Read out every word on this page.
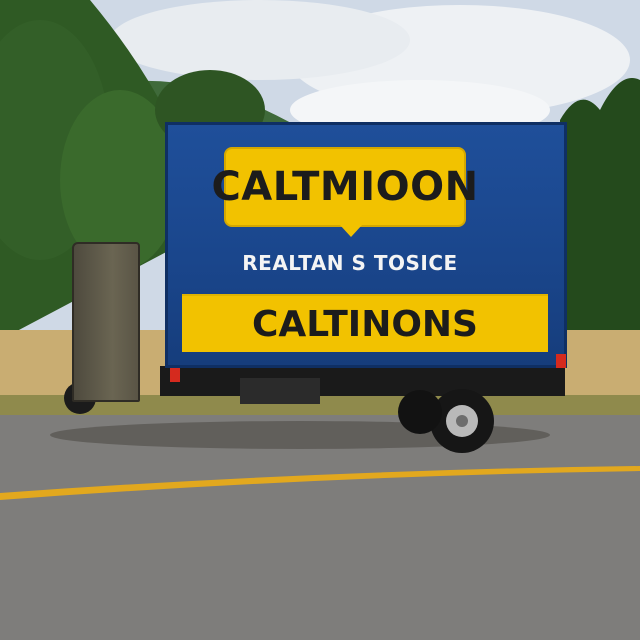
CALTMIOON
REALTAN S TOSICE
CALTINONS
